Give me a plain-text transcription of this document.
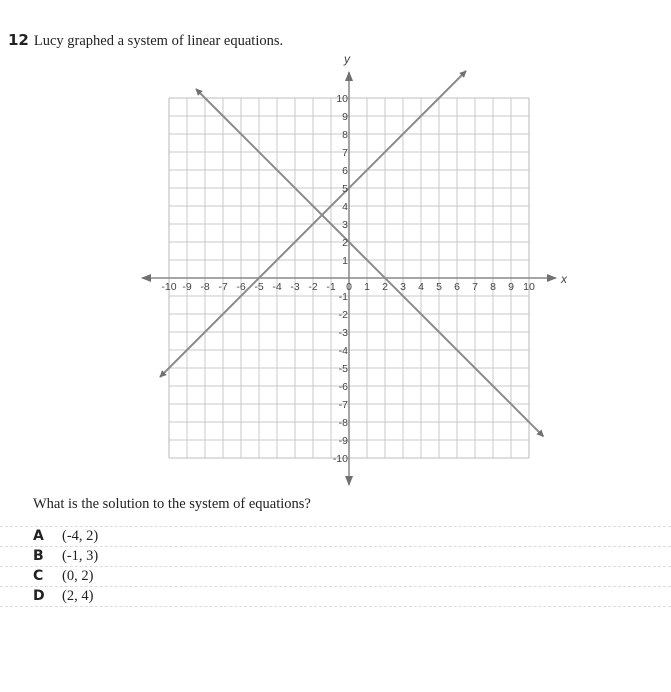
12 Lucy graphed a system of linear equations.
-10 -9 -8 -7 -6 -5 -4 -3 -2 -1 0 1 2 3 4 5 6 7 8 9 10
10
9
8
7
6
5
4
3
2
1
-1
-2
-3
-4
-5
-6
-7
-8
-9
-10
x
y
What is the solution to the system of equations?
A (-4, 2)
B (-1, 3)
C (0, 2)
D (2, 4)
